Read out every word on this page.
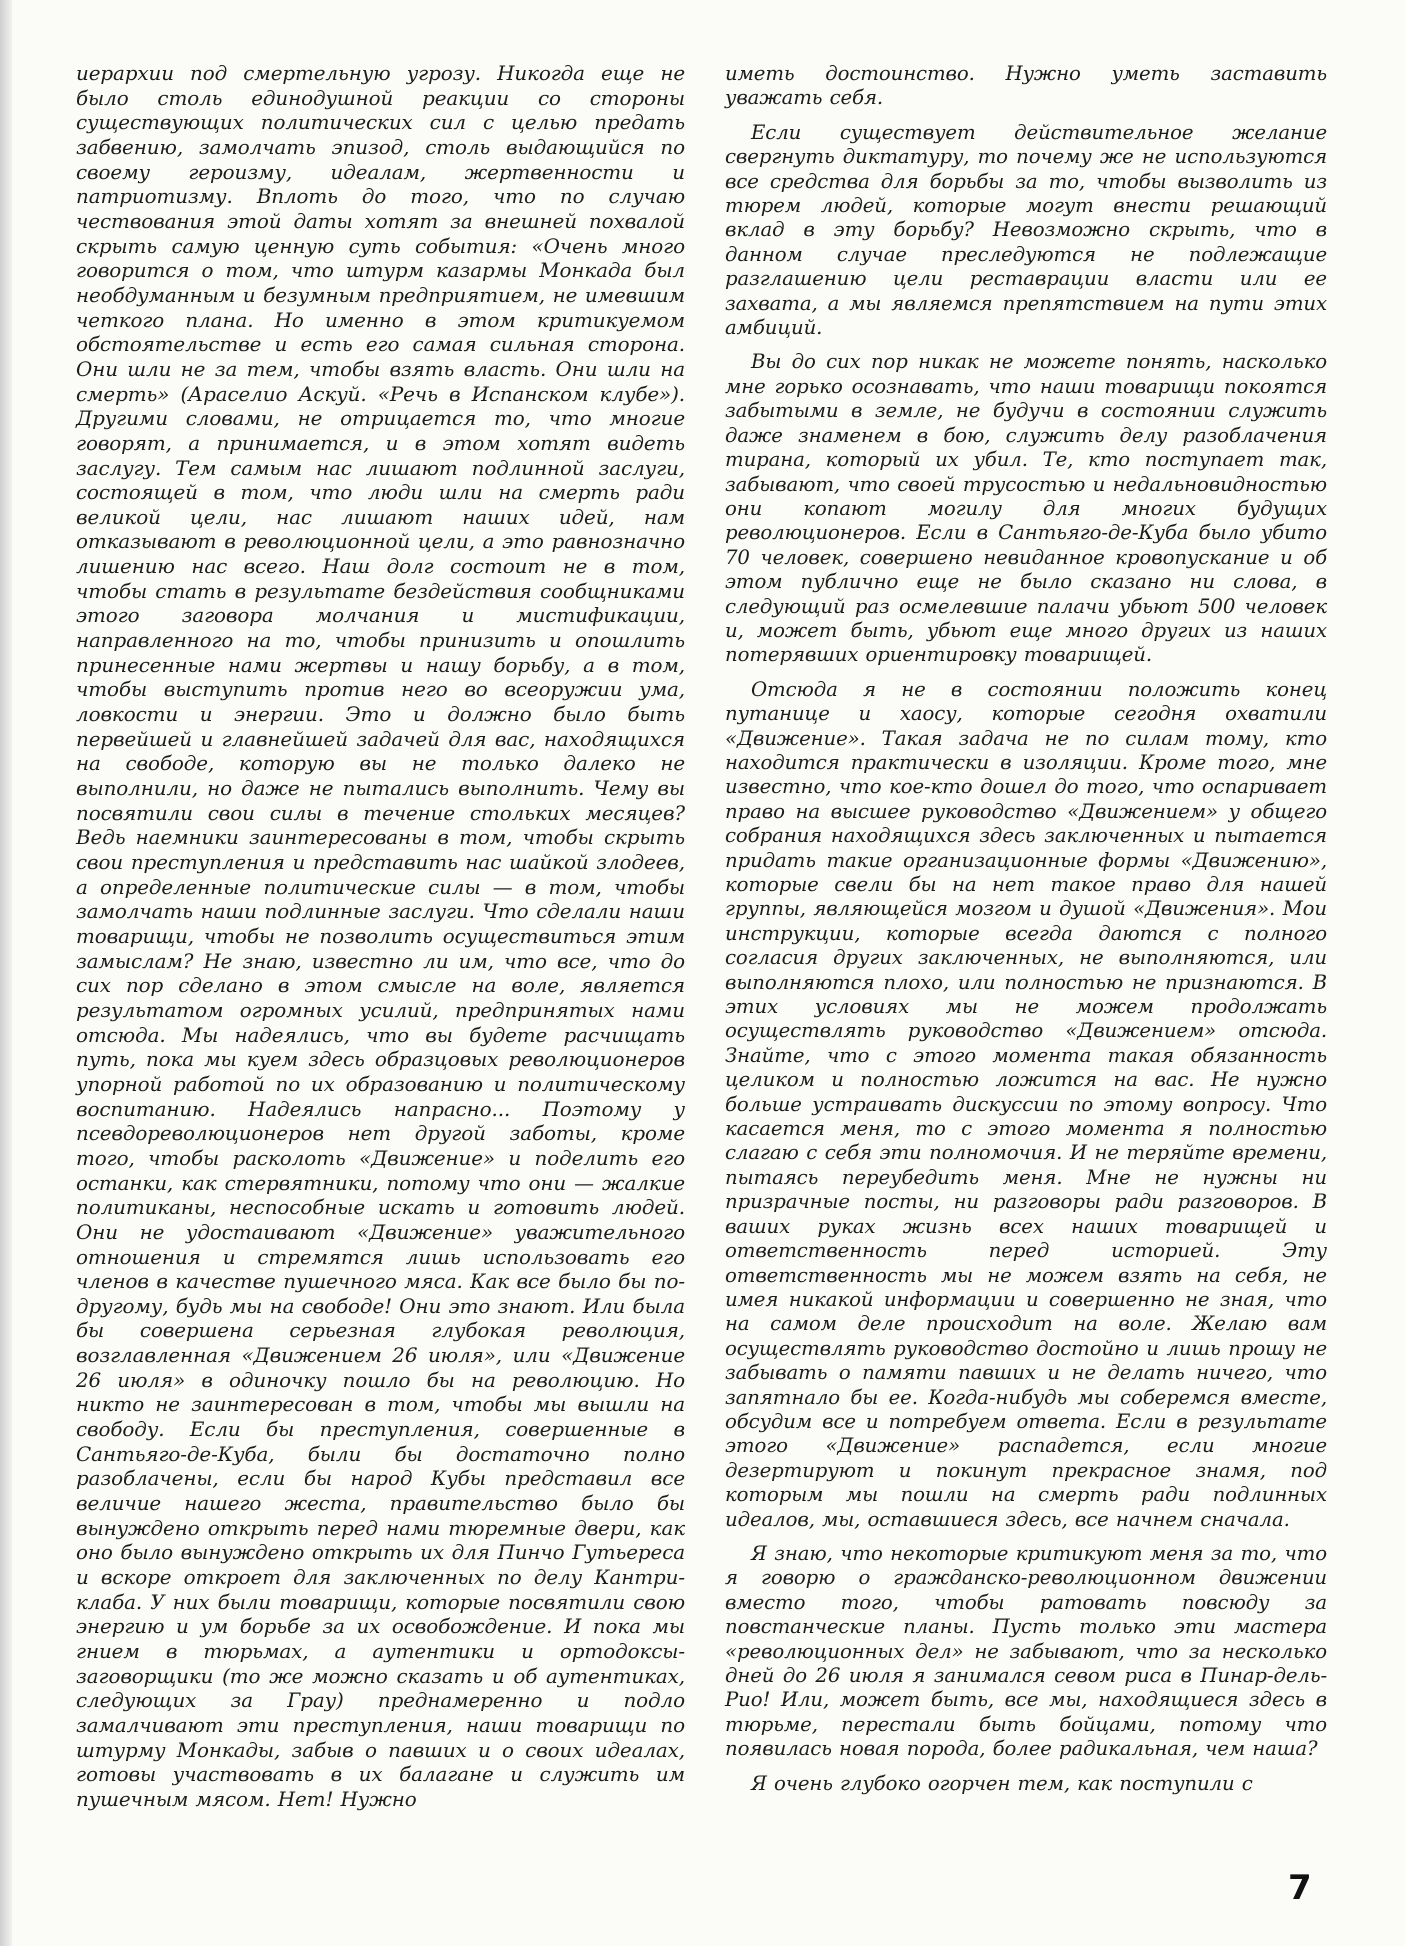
иерархии под смертельную угрозу. Никогда еще не было столь единодушной реакции со стороны существующих политических сил с целью предать забвению, замолчать эпизод, столь выдающийся по своему героизму, идеалам, жертвенности и патриотизму. Вплоть до того, что по случаю чествования этой даты хотят за внешней похвалой скрыть самую ценную суть события: «Очень много говорится о том, что штурм казармы Монкада был необдуманным и безумным предприятием, не имевшим четкого плана. Но именно в этом критикуемом обстоятельстве и есть его самая сильная сторона. Они шли не за тем, чтобы взять власть. Они шли на смерть» (Араселио Аскуй. «Речь в Испанском клубе»). Другими словами, не отрицается то, что многие говорят, а принимается, и в этом хотят видеть заслугу. Тем самым нас лишают подлинной заслуги, состоящей в том, что люди шли на смерть ради великой цели, нас лишают наших идей, нам отказывают в революционной цели, а это равнозначно лишению нас всего. Наш долг состоит не в том, чтобы стать в результате бездействия сообщниками этого заговора молчания и мистификации, направленного на то, чтобы принизить и опошлить принесенные нами жертвы и нашу борьбу, а в том, чтобы выступить против него во всеоружии ума, ловкости и энергии. Это и должно было быть первейшей и главнейшей задачей для вас, находящихся на свободе, которую вы не только далеко не выполнили, но даже не пытались выполнить. Чему вы посвятили свои силы в течение стольких месяцев? Ведь наемники заинтересованы в том, чтобы скрыть свои преступления и представить нас шайкой злодеев, а определенные политические силы — в том, чтобы замолчать наши подлинные заслуги. Что сделали наши товарищи, чтобы не позволить осуществиться этим замыслам? Не знаю, известно ли им, что все, что до сих пор сделано в этом смысле на воле, является результатом огромных усилий, предпринятых нами отсюда. Мы надеялись, что вы будете расчищать путь, пока мы куем здесь образцовых революционеров упорной работой по их образованию и политическому воспитанию. Надеялись напрасно... Поэтому у псевдореволюционеров нет другой заботы, кроме того, чтобы расколоть «Движение» и поделить его останки, как стервятники, потому что они — жалкие политиканы, неспособные искать и готовить людей. Они не удостаивают «Движение» уважительного отношения и стремятся лишь использовать его членов в качестве пушечного мяса. Как все было бы по-другому, будь мы на свободе! Они это знают. Или была бы совершена серьезная глубокая революция, возглавленная «Движением 26 июля», или «Движение 26 июля» в одиночку пошло бы на революцию. Но никто не заинтересован в том, чтобы мы вышли на свободу. Если бы преступления, совершенные в Сантьяго-де-Куба, были бы достаточно полно разоблачены, если бы народ Кубы представил все величие нашего жеста, правительство было бы вынуждено открыть перед нами тюремные двери, как оно было вынуждено открыть их для Пинчо Гутьереса и вскоре откроет для заключенных по делу Кантри-клаба. У них были товарищи, которые посвятили свою энергию и ум борьбе за их освобождение. И пока мы гнием в тюрьмах, а аутентики и ортодоксы-заговорщики (то же можно сказать и об аутентиках, следующих за Грау) преднамеренно и подло замалчивают эти преступления, наши товарищи по штурму Монкады, забыв о павших и о своих идеалах, готовы участвовать в их балагане и служить им пушечным мясом. Нет! Нужно

иметь достоинство. Нужно уметь заставить уважать себя.

Если существует действительное желание свергнуть диктатуру, то почему же не используются все средства для борьбы за то, чтобы вызволить из тюрем людей, которые могут внести решающий вклад в эту борьбу? Невозможно скрыть, что в данном случае преследуются не подлежащие разглашению цели реставрации власти или ее захвата, а мы являемся препятствием на пути этих амбиций.

Вы до сих пор никак не можете понять, насколько мне горько осознавать, что наши товарищи покоятся забытыми в земле, не будучи в состоянии служить даже знаменем в бою, служить делу разоблачения тирана, который их убил. Те, кто поступает так, забывают, что своей трусостью и недальновидностью они копают могилу для многих будущих революционеров. Если в Сантьяго-де-Куба было убито 70 человек, совершено невиданное кровопускание и об этом публично еще не было сказано ни слова, в следующий раз осмелевшие палачи убьют 500 человек и, может быть, убьют еще много других из наших потерявших ориентировку товарищей.

Отсюда я не в состоянии положить конец путанице и хаосу, которые сегодня охватили «Движение». Такая задача не по силам тому, кто находится практически в изоляции. Кроме того, мне известно, что кое-кто дошел до того, что оспаривает право на высшее руководство «Движением» у общего собрания находящихся здесь заключенных и пытается придать такие организационные формы «Движению», которые свели бы на нет такое право для нашей группы, являющейся мозгом и душой «Движения». Мои инструкции, которые всегда даются с полного согласия других заключенных, не выполняются, или выполняются плохо, или полностью не признаются. В этих условиях мы не можем продолжать осуществлять руководство «Движением» отсюда. Знайте, что с этого момента такая обязанность целиком и полностью ложится на вас. Не нужно больше устраивать дискуссии по этому вопросу. Что касается меня, то с этого момента я полностью слагаю с себя эти полномочия. И не теряйте времени, пытаясь переубедить меня. Мне не нужны ни призрачные посты, ни разговоры ради разговоров. В ваших руках жизнь всех наших товарищей и ответственность перед историей. Эту ответственность мы не можем взять на себя, не имея никакой информации и совершенно не зная, что на самом деле происходит на воле. Желаю вам осуществлять руководство достойно и лишь прошу не забывать о памяти павших и не делать ничего, что запятнало бы ее. Когда-нибудь мы соберемся вместе, обсудим все и потребуем ответа. Если в результате этого «Движение» распадется, если многие дезертируют и покинут прекрасное знамя, под которым мы пошли на смерть ради подлинных идеалов, мы, оставшиеся здесь, все начнем сначала.

Я знаю, что некоторые критикуют меня за то, что я говорю о гражданско-революционном движении вместо того, чтобы ратовать повсюду за повстанческие планы. Пусть только эти мастера «революционных дел» не забывают, что за несколько дней до 26 июля я занимался севом риса в Пинар-дель-Рио! Или, может быть, все мы, находящиеся здесь в тюрьме, перестали быть бойцами, потому что появилась новая порода, более радикальная, чем наша?

Я очень глубоко огорчен тем, как поступили с

7
